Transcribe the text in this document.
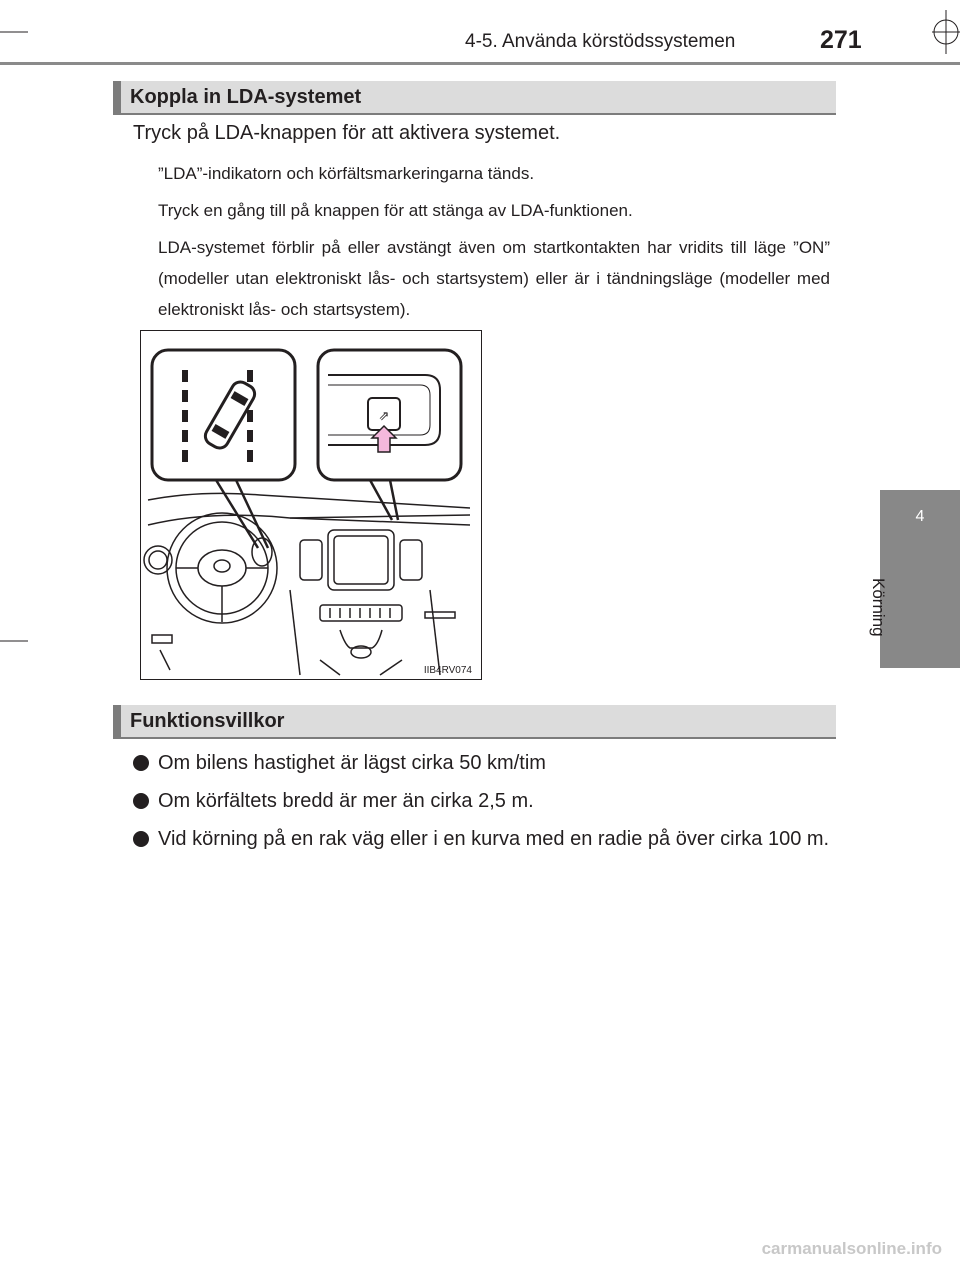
4-5. Använda körstödssystemen	271
4
Körning
Koppla in LDA-systemet
Tryck på LDA-knappen för att aktivera systemet.
”LDA”-indikatorn och körfältsmarkeringarna tänds.
Tryck en gång till på knappen för att stänga av LDA-funktionen.
LDA-systemet förblir på eller avstängt även om startkontakten har vridits till läge ”ON” (modeller utan elektroniskt lås- och startsystem) eller är i tändningsläge (modeller med elektroniskt lås- och startsystem).
⇗
IIB4RV074
Funktionsvillkor
Om bilens hastighet är lägst cirka 50 km/tim
Om körfältets bredd är mer än cirka 2,5 m.
Vid körning på en rak väg eller i en kurva med en radie på över cirka 100 m.
carmanualsonline.info
